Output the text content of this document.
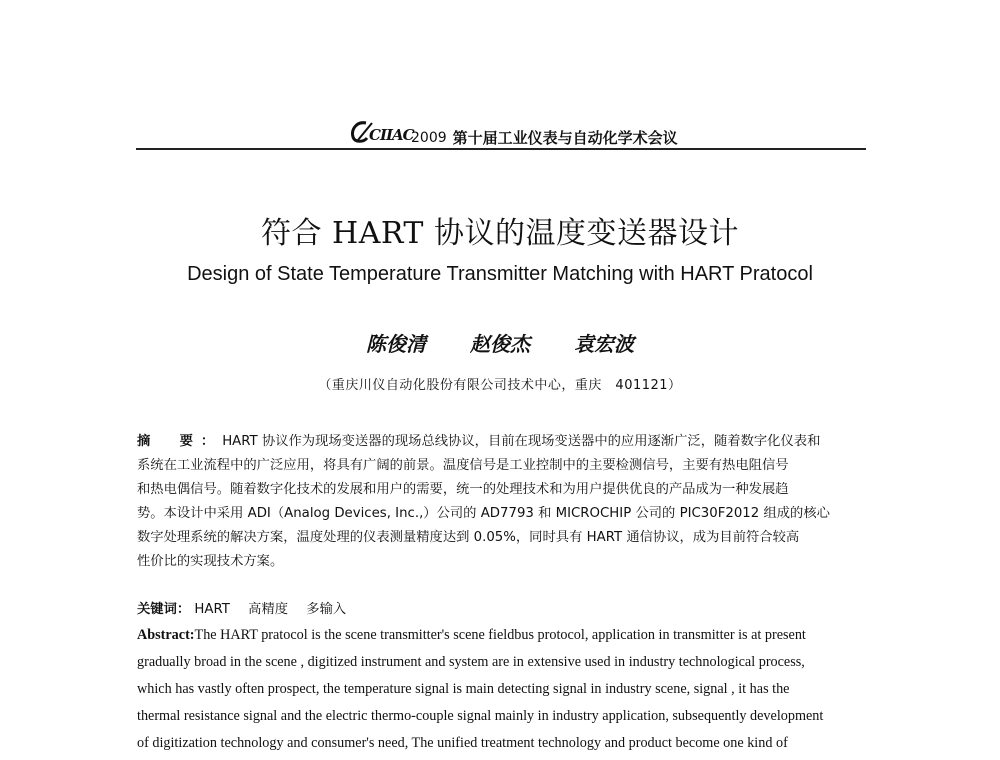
CIIAC
2009 第十届工业仪表与自动化学术会议
符合 HART 协议的温度变送器设计
Design of State Temperature Transmitter Matching with HART Pratocol
陈俊清 赵俊杰 袁宏波
（重庆川仪自动化股份有限公司技术中心，重庆　401121）
摘　要：HART 协议作为现场变送器的现场总线协议，目前在现场变送器中的应用逐渐广泛，随着数字化仪表和
系统在工业流程中的广泛应用，将具有广阔的前景。温度信号是工业控制中的主要检测信号，主要有热电阻信号
和热电偶信号。随着数字化技术的发展和用户的需要，统一的处理技术和为用户提供优良的产品成为一种发展趋
势。本设计中采用 ADI（Analog Devices, Inc.,）公司的 AD7793 和 MICROCHIP 公司的 PIC30F2012 组成的核心
数字处理系统的解决方案，温度处理的仪表测量精度达到 0.05%，同时具有 HART 通信协议，成为目前符合较高
性价比的实现技术方案。
关键词： HART 高精度 多输入
Abstract:The HART pratocol is the scene transmitter's scene fieldbus protocol, application in transmitter is at present
gradually broad in the scene , digitized instrument and system are in extensive used in industry technological process,
which has vastly often prospect, the temperature signal is main detecting signal in industry scene, signal , it has the
thermal resistance signal and the electric thermo-couple signal mainly in industry application, subsequently development
of digitization technology and consumer's need, The unified treatment technology and product become one kind of
